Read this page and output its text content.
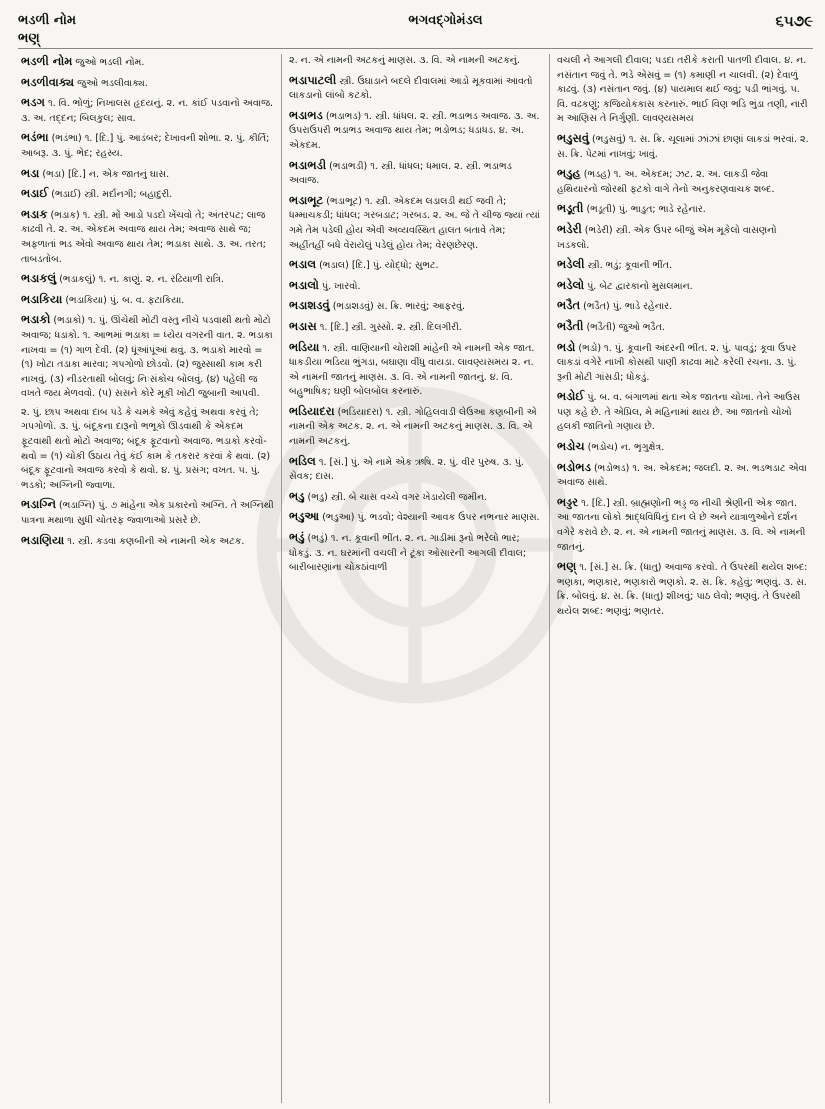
ભડળી નોમ
ભણ્
ભગવદ્ગોમંડલ	૬૫૭૯

ભડળી નોમ જુઓ ભડલી નોમ.

ભડળીવાક્ય જુઓ ભડલીવાક્ય.

ભડગ ૧. વિ. ભોળું; નિખાલસ હૃદયનું. ૨. ન. કાંઈ પડવાનો અવાજ. ૩. અ. તદ્દન; બિલકુલ; સાવ.

ભડંભા (ભડંભા) ૧. [દિ.] પું. આડંબર; દેખાવની શોભા. ૨. પું. કીર્તિ; આબરૂ. ૩. પું. ભેદ; રહસ્ય.

ભડા (ભડા) [દિ.] ન. એક જાતનું ઘાસ.

ભડાઈ (ભડાઈ) સ્ત્રી. મર્દાનગી; બહાદુરી.

ભડાક (ભડાક) ૧. સ્ત્રી. મોં આડો પડદો ખેંચવો તે; અંતરપટ; લાજ કાઢવી તે. ૨. અ. એકદમ અવાજ થાય તેમ; અવાજ સાથે જ; અફળાતાં ભડ એવો અવાજ થાય તેમ; ભડાકા સાથે. ૩. અ. તરત; તાબડતોબ.

ભડાકલું (ભડાકલું) ૧. ન. કાણું. ૨. ન. રઢિયાળી રાત્રિ.

ભડાકિયા (ભડાકિયા) પું. બ. વ. ફટાકિયા.

ભડાકો (ભડાકો) ૧. પું. ઊંચેથી મોટી વસ્તુ નીચે પડવાથી થતો મોટો અવાજ; ધડાકો. ૧. આભમાં ભડાકા = ધ્યેય વગરની વાત. ૨. ભડાકા નાખવા = (૧) ગાળ દેવી. (૨) ધૂંઆંપૂંઆં થવું. ૩. ભડાકો મારવો = (૧) ખોટા તડાકા મારવા; ગપગોળો છોડવો. (૨) જુસ્સાથી કામ કરી નાખવું. (૩) નીડરતાથી બોલવું; નિઃસંકોચ બોલવું. (૪) પહેલી જ વખતે જય મેળવવો. (૫) સસને કોરે મૂકી ખોટી જુબાની આપવી.

૨. પું. છાપ અથવા દાબ પડે કે ચમકે એવું કહેવું અથવા કરવું તે; ગપગોળો. ૩. પું. બંદૂકના દારૂનો ભભૂકો ઊડવાથી કે એકદમ ફૂટવાથી થતો મોટો અવાજ; બંદૂક ફૂટવાનો અવાજ. ભડાકો કરવો-થવો = (૧) ચોકી ઉઠાય તેવું કંઈ કામ કે તકરાર કરવાં કે થવાં. (૨) બંદૂક ફૂટવાનો અવાજ કરવો કે થવો. ૪. પું. પ્રસંગ; વખત. ૫. પું. ભડકો; અગ્નિની જ્વાળા.

ભડાગ્નિ (ભડાગ્નિ) પું. ૭ માંહેના એક પ્રકારનો અગ્નિ. તે અગ્નિથી પાત્રના મથાળા સુધી ચોતરફ જ્વાળાઓ પ્રસરે છે.

ભડાણિયા ૧. સ્ત્રી. કડવા કણબીની એ નામની એક અટક.

૨. ન. એ નામની અટકનું માણસ. ૩. વિ. એ નામની અટકનું.

ભડાપાટલી સ્ત્રી. ઉઘાડાને બદલે દીવાલમાં આડો મૂકવામાં આવતો લાકડાનો લાંબો કટકો.

ભડાભડ (ભડાભડ) ૧. સ્ત્રી. ધાંધલ. ૨. સ્ત્રી. ભડાભડ અવાજ. ૩. અ. ઉપરાઉપરી ભડાભડ અવાજ થાય તેમ; ભડોભડ; ધડાધડ. ૪. અ. એકદમ.

ભડાભડી (ભડાભડી) ૧. સ્ત્રી. ધાંધલ; ધમાલ. ૨. સ્ત્રી. ભડાભડ અવાજ.

ભડાભૂટ (ભડાભૂટ) ૧. સ્ત્રી. એકદમ લડાલડી થઈ જવી તે; ધમ્માચકડી; ધાંધલ; ગરબડાટ; ગરબડ. ૨. અ. જે તે ચીજ જ્યાં ત્યાં ગમે તેમ પડેલી હોય એવી અવ્યવસ્થિત હાલત બતાવે તેમ; અહીંતહીં બધે વેરાયેલું પડેલું હોય તેમ; વેરણછેરણ.

ભડાલ (ભડાલ) [દિ.] પું. યોદ્ધો; સુભટ.

ભડાલો પું. ખારવો.

ભડાશડવું (ભડાશડવું) સ. ક્રિ. ભારવું; આફરવું.

ભડાસ ૧. [દિ.] સ્ત્રી. ગુસ્સો. ૨. સ્ત્રી. દિલગીરી.

ભડિયા ૧. સ્ત્રી. વાણિયાની ચોરાશી માંહેની એ નામની એક જાત. ધાકડીયા ભડિયા ભુંગડા, બઘાણા વીંધુ વાયડા. લાવણ્યસમય ૨. ન. એ નામની જાતનું માણસ. ૩. વિ. એ નામની જાતનું. ૪. વિ. બહુભાષિક; ઘણી બોલબોલ કરનારું.

ભડિયાદરા (ભડિયાદરા) ૧. સ્ત્રી. ગોહિલવાડી લેઉઆ કણબીની એ નામની એક અટક. ૨. ન. એ નામની અટકનું માણસ. ૩. વિ. એ નામની અટકનું.

ભડિલ ૧. [સં.] પું. એ નામે એક ઋષિ. ૨. પું. વીર પુરુષ. ૩. પું. સેવક; દાસ.

ભડુ (ભડુ) સ્ત્રી. બે ચાસ વચ્ચે વગર ખેડાયેલી જમીન.

ભડુઆ (ભડુઆ) પું. ભડવો; વેશ્યાની આવક ઉપર નભનાર માણસ.

ભડું (ભડું) ૧. ન. કૂવાની ભીંત. ૨. ન. ગાડીમાં રૂનો ભરેલો ભાર; ધોકડું. ૩. ન. ઘરમાંની વચલી ને ટૂંકા ઓસારની આગલી દીવાલ; બારીબારણાંના ચોકઠાંવાળી

વચલી ને આગલી દીવાલ; પડદા તરીકે કરાતી પાતળી દીવાલ. ૪. ન. નસંતાન જવું તે. ભડે એસવું = (૧) કમાણી ન ચાલવી. (૨) દેવાળું કાઢવું. (૩) નસંતાન જવું. (૪) પાયમાલ થઈ જવું; પડી ભાંગવું. ૫. વિ. વઢકણું; કજિયોકંકાસ કરનારું. ભાઈ વિણ ભડિ ભુંડા તણી, નારી મ આણિસ તે નિર્ગુણી. લાવણ્યસમય

ભડુસવું (ભડુસવું) ૧. સ. ક્રિ. ચૂલામાં ઝાંઝાં છાણાં લાકડાં ભરવાં. ૨. સ. ક્રિ. પેટમાં નાખવું; ખાવું.

ભડુહ (ભડહ) ૧. અ. એકદમ; ઝટ. ૨. અ. લાકડી જેવા હથિયારનો જોરથી ફટકો વાગે તેનો અનુકરણવાચક શબ્દ.

ભડૂતી (ભડૂતી) પું. ભાડુત; ભાડે રહેનાર.

ભડેરી (ભડેરી) સ્ત્રી. એક ઉપર બીજું એમ મૂકેલો વાસણનો ખડકલો.

ભડેલી સ્ત્રી. ભડું; કૂવાની ભીંત.

ભડેલો પું. બેટ દ્વારકાનો મુસલમાન.

ભડૈત (ભડૈત) પું. ભાડે રહેનાર.

ભડૈતી (ભડૈતી) જુઓ ભડૈત.

ભડો (ભડો) ૧. પું. કૂવાની અંદરની ભીંત. ૨. પું. પાવડું; કૂવા ઉપર લાકડાં વગેરે નાખી કોસથી પાણી કાઢવા માટે કરેલી રચના. ૩. પું. રૂની મોટી ગાંસડી; ધોકડું.

ભડોઈ પું. બ. વ. બંગાળમાં થતા એક જાતના ચોખા. તેને આઉસ પણ કહે છે. તે એપ્રિલ, મે મહિનામાં થાય છે. આ જાતનો ચોખો હલકી જાતિનો ગણાય છે.

ભડોચ (ભડોચ) ન. ભૃગુક્ષેત્ર.

ભડોભડ (ભડોભડ) ૧. અ. એકદમ; જલદી. ૨. અ. ભડભડાટ એવા અવાજ સાથે.

ભડ્ડર ૧. [દિ.] સ્ત્રી. બ્રાહ્મણોની ભડ્ડ જ નીચી શ્રેણીની એક જાત. આ જાતના લોકો શ્રાદ્ધવિધિનું દાન લે છે અને યાત્રાળુઓને દર્શન વગેરે કરાવે છે. ૨. ન. એ નામની જાતનું માણસ. ૩. વિ. એ નામની જાતનું.

ભણ્ ૧. [સં.] સ. ક્રિ. (ધાતુ) અવાજ કરવો. તે ઉપરથી થયેલ શબ્દ: ભણકા, ભણકાર, ભણકારો ભણકો. ૨. સ. ક્રિ. કહેવું; ભણવું. ૩. સ. ક્રિ. બોલવું. ૪. સ. ક્રિ. (ધાતુ) શીખવું; પાઠ લેવો; ભણવું. તે ઉપરથી થયેલ શબ્દ: ભણવું; ભણતર.
